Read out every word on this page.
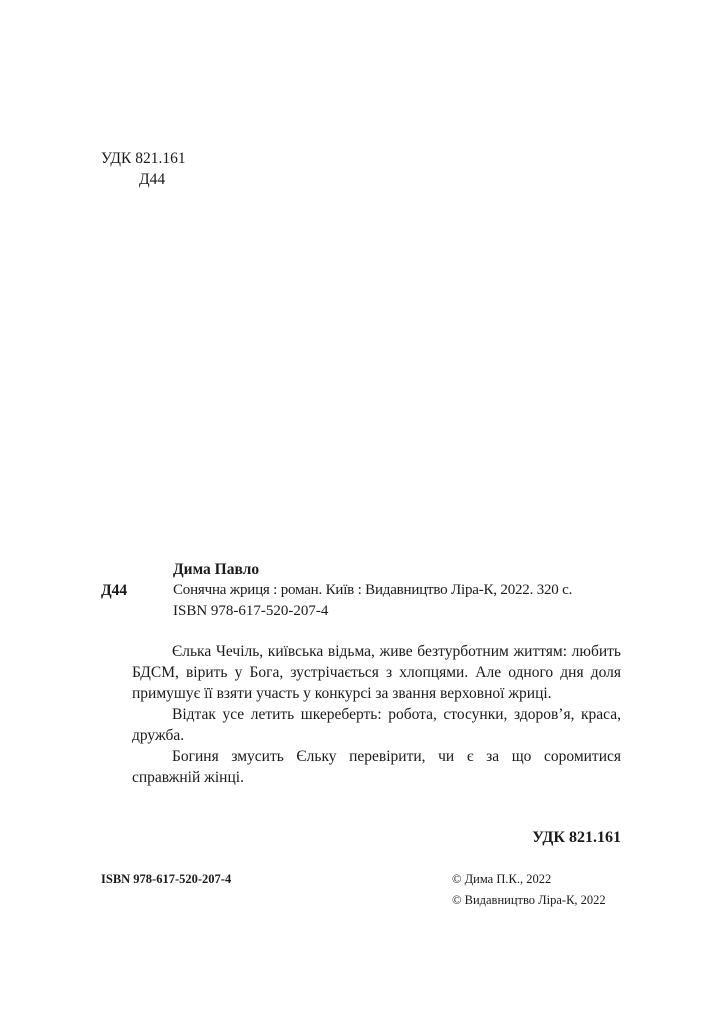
УДК 821.161
Д44
Дима Павло
Д44	Сонячна жриця : роман. Київ : Видавництво Ліра-К, 2022. 320 с.
ISBN 978-617-520-207-4

Єлька Чечіль, київська відьма, живе безтурботним життям: любить БДСМ, вірить у Бога, зустрічається з хлопцями. Але одного дня доля примушує її взяти участь у конкурсі за звання верховної жриці.

Відтак усе летить шкереберть: робота, стосунки, здоров’я, краса, дружба.

Богиня змусить Єльку перевірити, чи є за що соромитися справжній жінці.

УДК 821.161
ISBN 978-617-520-207-4	© Дима П.К., 2022
© Видавництво Ліра-К, 2022
